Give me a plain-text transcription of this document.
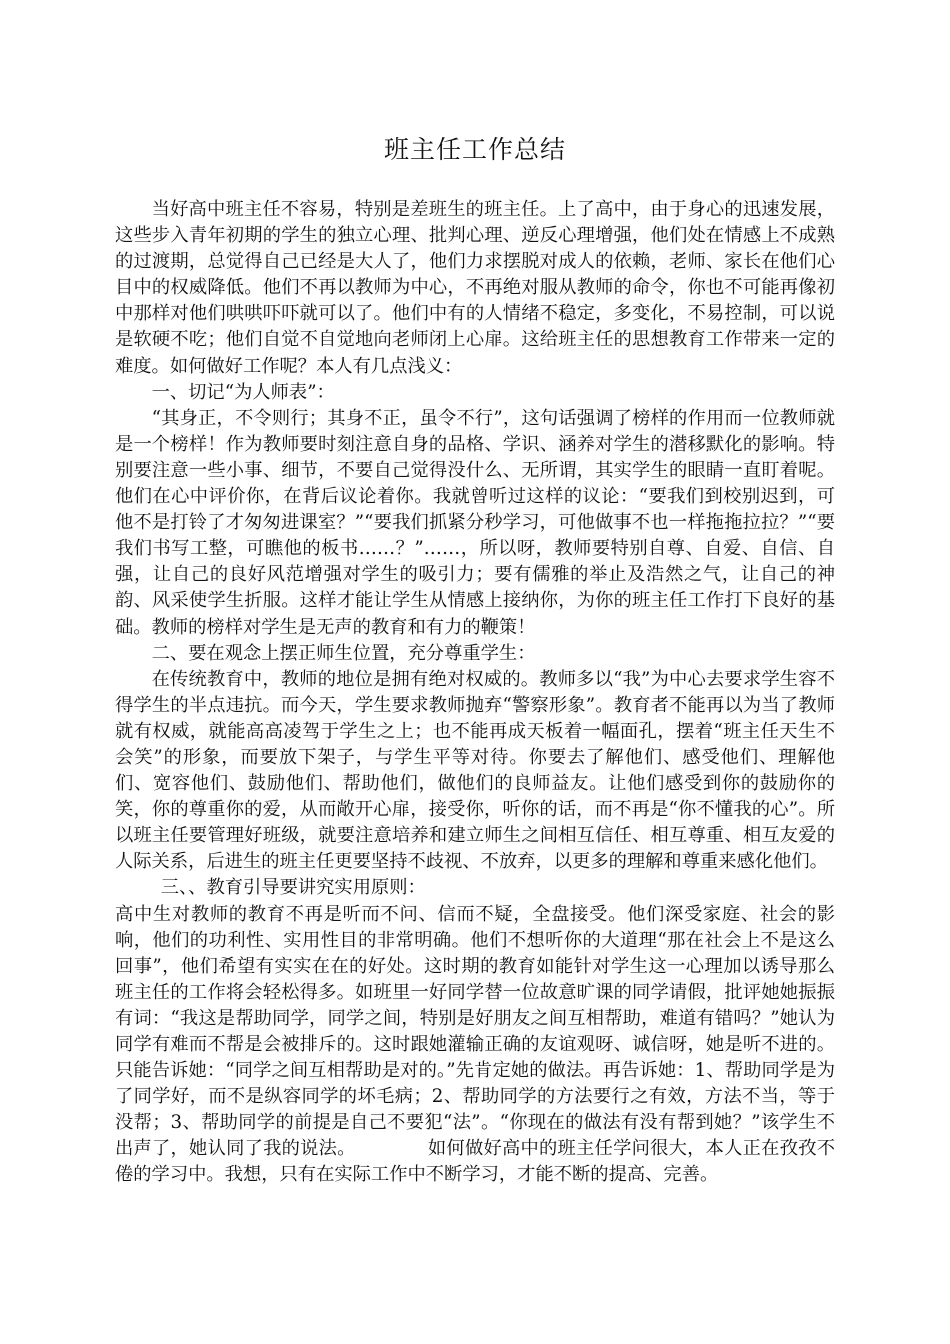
班主任工作总结

当好高中班主任不容易，特别是差班生的班主任。上了高中，由于身心的迅速发展，这些步入青年初期的学生的独立心理、批判心理、逆反心理增强，他们处在情感上不成熟的过渡期，总觉得自己已经是大人了，他们力求摆脱对成人的依赖，老师、家长在他们心目中的权威降低。他们不再以教师为中心，不再绝对服从教师的命令，你也不可能再像初中那样对他们哄哄吓吓就可以了。他们中有的人情绪不稳定，多变化，不易控制，可以说是软硬不吃；他们自觉不自觉地向老师闭上心扉。这给班主任的思想教育工作带来一定的难度。如何做好工作呢？本人有几点浅义：

一、切记“为人师表”：

“其身正，不令则行；其身不正，虽令不行”，这句话强调了榜样的作用而一位教师就是一个榜样！作为教师要时刻注意自身的品格、学识、涵养对学生的潜移默化的影响。特别要注意一些小事、细节，不要自己觉得没什么、无所谓，其实学生的眼睛一直盯着呢。他们在心中评价你，在背后议论着你。我就曾听过这样的议论：“要我们到校别迟到，可他不是打铃了才匆匆进课室？”“要我们抓紧分秒学习，可他做事不也一样拖拖拉拉？”“要我们书写工整，可瞧他的板书……？”……，所以呀，教师要特别自尊、自爱、自信、自强，让自己的良好风范增强对学生的吸引力；要有儒雅的举止及浩然之气，让自己的神韵、风采使学生折服。这样才能让学生从情感上接纳你，为你的班主任工作打下良好的基础。教师的榜样对学生是无声的教育和有力的鞭策！

二、要在观念上摆正师生位置，充分尊重学生：

在传统教育中，教师的地位是拥有绝对权威的。教师多以“我”为中心去要求学生容不得学生的半点违抗。而今天，学生要求教师抛弃“警察形象”。教育者不能再以为当了教师就有权威，就能高高凌驾于学生之上；也不能再成天板着一幅面孔，摆着“班主任天生不会笑”的形象，而要放下架子，与学生平等对待。你要去了解他们、感受他们、理解他们、宽容他们、鼓励他们、帮助他们，做他们的良师益友。让他们感受到你的鼓励你的笑，你的尊重你的爱，从而敞开心扉，接受你，听你的话，而不再是“你不懂我的心”。所以班主任要管理好班级，就要注意培养和建立师生之间相互信任、相互尊重、相互友爱的人际关系，后进生的班主任更要坚持不歧视、不放弃，以更多的理解和尊重来感化他们。

三、、教育引导要讲究实用原则：

高中生对教师的教育不再是听而不问、信而不疑，全盘接受。他们深受家庭、社会的影响，他们的功利性、实用性目的非常明确。他们不想听你的大道理“那在社会上不是这么回事”，他们希望有实实在在的好处。这时期的教育如能针对学生这一心理加以诱导那么班主任的工作将会轻松得多。如班里一好同学替一位故意旷课的同学请假，批评她她振振有词：“我这是帮助同学，同学之间，特别是好朋友之间互相帮助，难道有错吗？”她认为同学有难而不帮是会被排斥的。这时跟她灌输正确的友谊观呀、诚信呀，她是听不进的。只能告诉她：“同学之间互相帮助是对的。”先肯定她的做法。再告诉她：1、帮助同学是为了同学好，而不是纵容同学的坏毛病；2、帮助同学的方法要行之有效，方法不当，等于没帮；3、帮助同学的前提是自己不要犯“法”。“你现在的做法有没有帮到她？”该学生不出声了，她认同了我的说法。	如何做好高中的班主任学问很大，本人正在孜孜不倦的学习中。我想，只有在实际工作中不断学习，才能不断的提高、完善。
